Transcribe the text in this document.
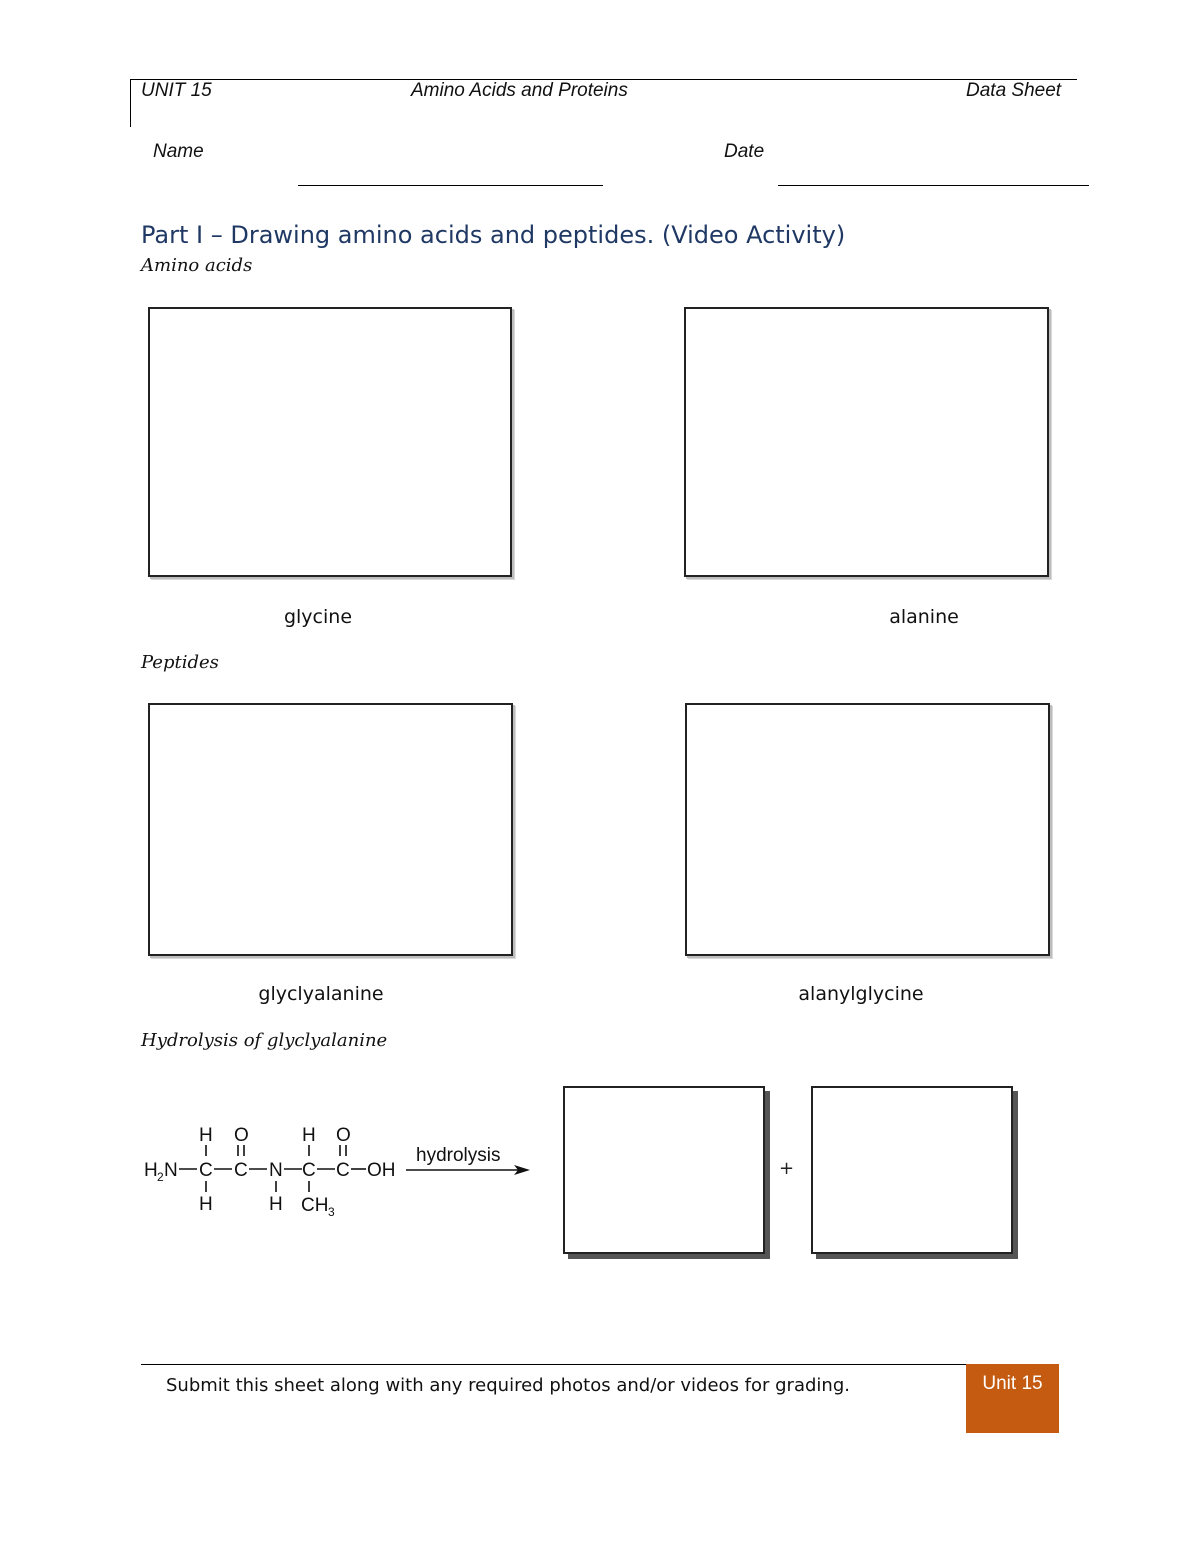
UNIT 15	Amino Acids and Proteins	Data Sheet
Name	Date
Part I – Drawing amino acids and peptides. (Video Activity)
Amino acids
glycine	alanine
Peptides
glyclyalanine	alanylglycine
Hydrolysis of glyclyalanine
H 2 N C
H
H
C
O
N
H
C
H
CH 3
C
O
OH
hydrolysis
+
Submit this sheet along with any required photos and/or videos for grading.	Unit 15
